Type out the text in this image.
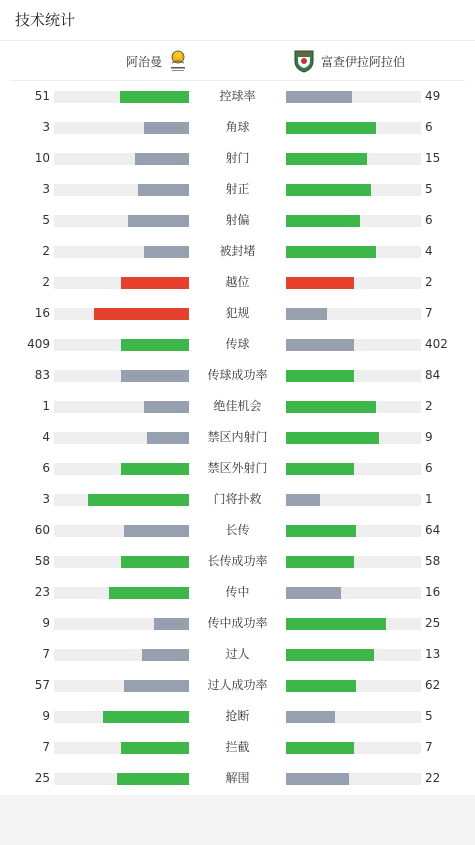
技术统计
阿治曼	富查伊拉阿拉伯
51	控球率	49
3	角球	6
10	射门	15
3	射正	5
5	射偏	6
2	被封堵	4
2	越位	2
16	犯规	7
409	传球	402
83	传球成功率	84
1	绝佳机会	2
4	禁区内射门	9
6	禁区外射门	6
3	门将扑救	1
60	长传	64
58	长传成功率	58
23	传中	16
9	传中成功率	25
7	过人	13
57	过人成功率	62
9	抢断	5
7	拦截	7
25	解围	22
